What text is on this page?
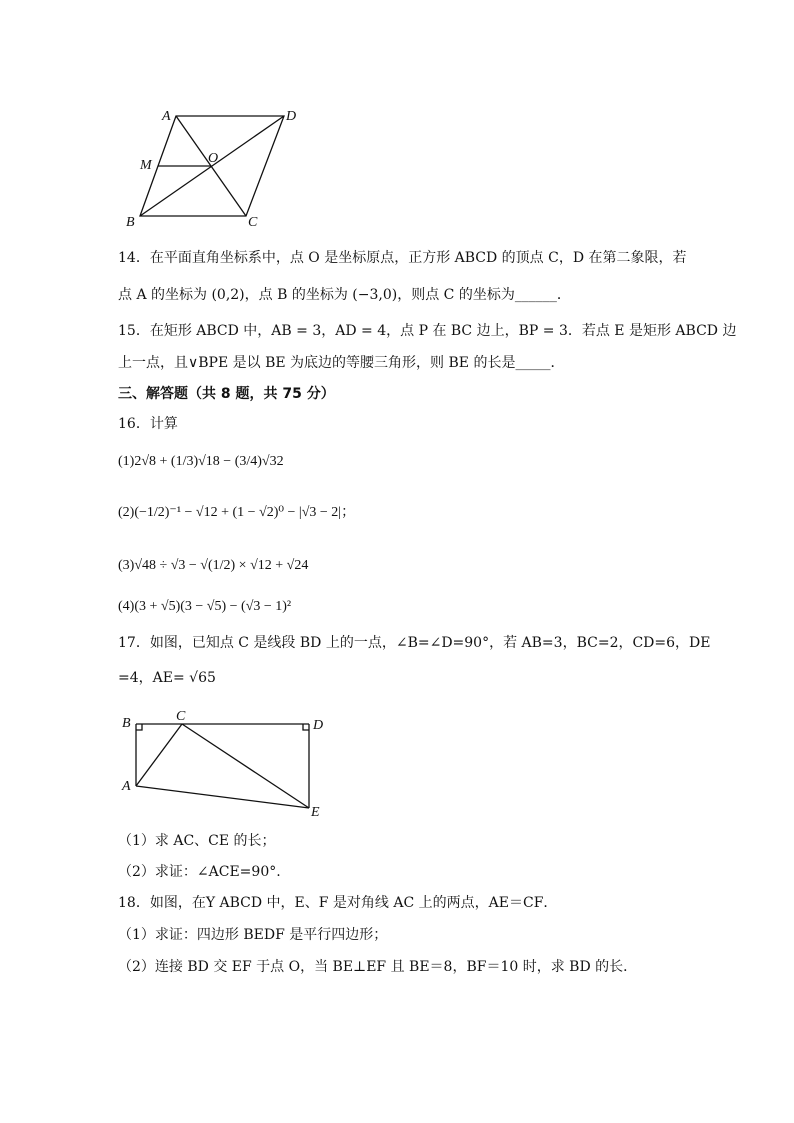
A	D
M	O
B	C
14．在平面直角坐标系中，点 O 是坐标原点，正方形 ABCD 的顶点 C，D 在第二象限，若
点 A 的坐标为 (0,2)，点 B 的坐标为 (−3,0)，则点 C 的坐标为______．
15．在矩形 ABCD 中，AB = 3，AD = 4，点 P 在 BC 边上，BP = 3．若点 E 是矩形 ABCD 边
上一点，且∨BPE 是以 BE 为底边的等腰三角形，则 BE 的长是_____．
三、解答题（共 8 题，共 75 分）
16．计算
(1)2√8 + (1/3)√18 − (3/4)√32
(2)(−1/2)⁻¹ − √12 + (1 − √2)⁰ − |√3 − 2|；
(3)√48 ÷ √3 − √(1/2) × √12 + √24
(4)(3 + √5)(3 − √5) − (√3 − 1)²
17．如图，已知点 C 是线段 BD 上的一点，∠B=∠D=90°，若 AB=3，BC=2，CD=6，DE
=4，AE= √65
B	C
D
A
E
（1）求 AC、CE 的长；
（2）求证：∠ACE=90°.
18．如图，在Y ABCD 中，E、F 是对角线 AC 上的两点，AE＝CF．
（1）求证：四边形 BEDF 是平行四边形；
（2）连接 BD 交 EF 于点 O，当 BE⊥EF 且 BE＝8，BF＝10 时，求 BD 的长．
